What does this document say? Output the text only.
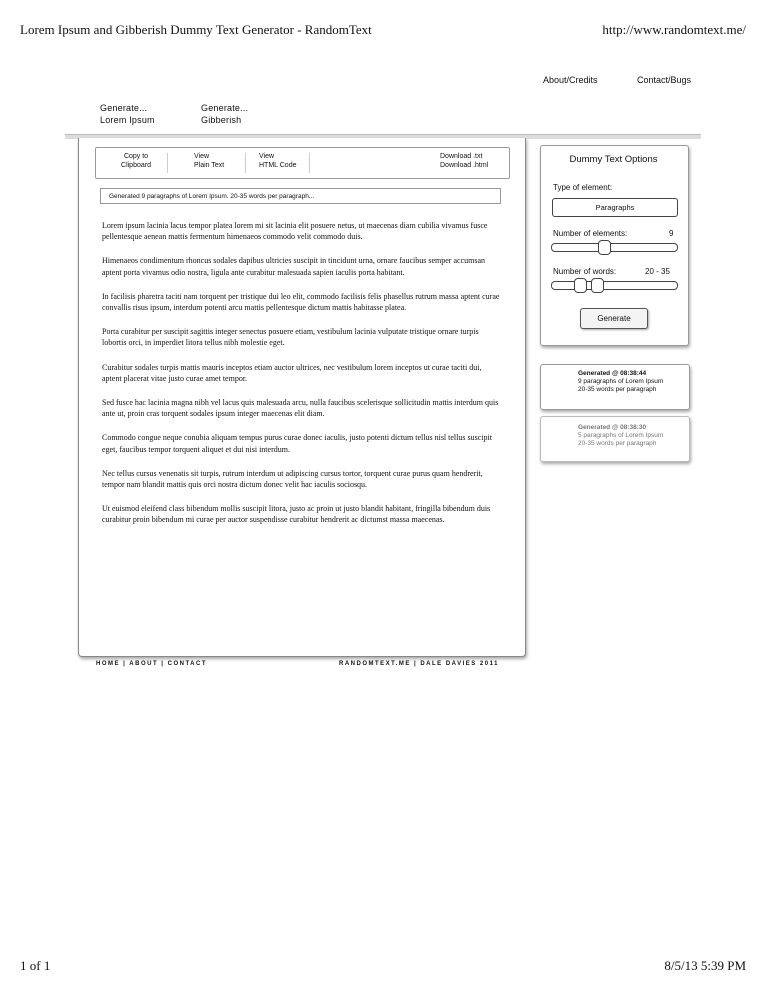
Lorem Ipsum and Gibberish Dummy Text Generator - RandomText	http://www.randomtext.me/
1 of 1	8/5/13 5:39 PM
About/Credits	Contact/Bugs
Generate...
Lorem Ipsum
Generate...
Gibberish
Copy to
Clipboard
View
Plain Text
View
HTML Code
Download .txt
Download .html
Generated 9 paragraphs of Lorem Ipsum. 20-35 words per paragraph...

Lorem ipsum lacinia lacus tempor platea lorem mi sit lacinia elit posuere netus, ut maecenas diam cubilia vivamus fusce pellentesque aenean mattis fermentum himenaeos commodo velit commodo duis.

Himenaeos condimentum rhoncus sodales dapibus ultricies suscipit in tincidunt urna, ornare faucibus semper accumsan aptent porta vivamus odio nostra, ligula ante curabitur malesuada sapien iaculis porta habitant.

In facilisis pharetra taciti nam torquent per tristique dui leo elit, commodo facilisis felis phasellus rutrum massa aptent curae convallis risus ipsum, interdum potenti arcu mattis pellentesque dictum mattis habitasse platea.

Porta curabitur per suscipit sagittis integer senectus posuere etiam, vestibulum lacinia vulputate tristique ornare turpis lobortis orci, in imperdiet litora tellus nibh molestie eget.

Curabitur sodales turpis mattis mauris inceptos etiam auctor ultrices, nec vestibulum lorem inceptos ut curae taciti dui, aptent placerat vitae justo curae amet tempor.

Sed fusce hac lacinia magna nibh vel lacus quis malesuada arcu, nulla faucibus scelerisque sollicitudin mattis interdum quis ante ut, proin cras torquent sodales ipsum integer maecenas elit diam.

Commodo congue neque conubia aliquam tempus purus curae donec iaculis, justo potenti dictum tellus nisl tellus suscipit eget, faucibus tempor torquent aliquet et dui nisi interdum.

Nec tellus cursus venenatis sit turpis, rutrum interdum ut adipiscing cursus tortor, torquent curae purus quam hendrerit, tempor nam blandit mattis quis orci nostra dictum donec velit hac iaculis sociosqu.

Ut euismod eleifend class bibendum mollis suscipit litora, justo ac proin ut justo blandit habitant, fringilla bibendum duis curabitur proin bibendum mi curae per auctor suspendisse curabitur hendrerit ac dictumst massa maecenas.

HOME | ABOUT | CONTACT	RANDOMTEXT.ME | DALE DAVIES 2011
Dummy Text Options
Type of element:
Paragraphs
Number of elements:	9
Number of words:	20 - 35
Generate
Generated @ 08:38:44
9 paragraphs of Lorem Ipsum
20-35 words per paragraph
Generated @ 08:38:30
5 paragraphs of Lorem Ipsum
20-35 words per paragraph
